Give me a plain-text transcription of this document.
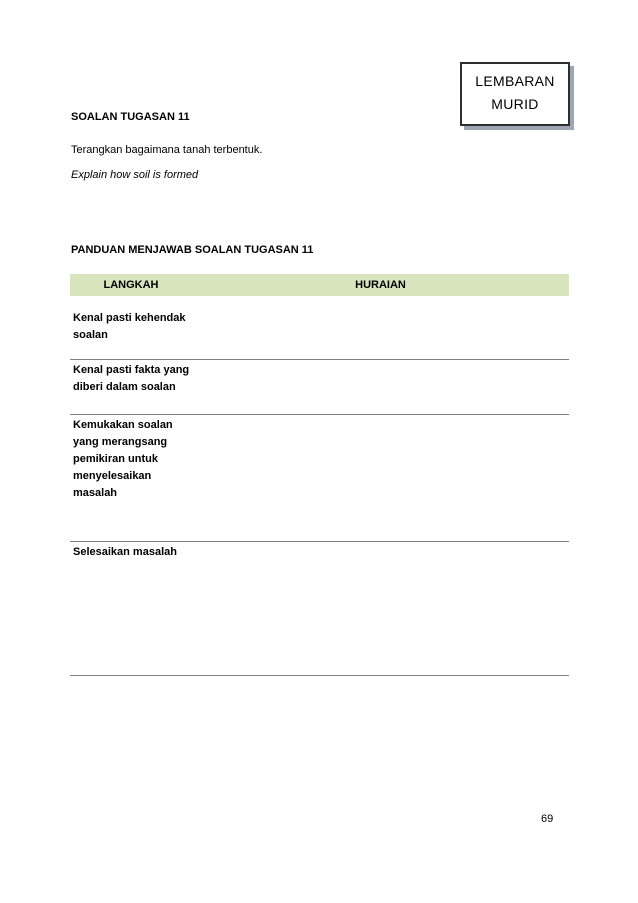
LEMBARAN
MURID
SOALAN TUGASAN 11
Terangkan bagaimana tanah terbentuk.
Explain how soil is formed
PANDUAN MENJAWAB SOALAN TUGASAN 11
LANGKAH	HURAIAN
Kenal pasti kehendak soalan
Kenal pasti fakta yang diberi dalam soalan
Kemukakan soalan yang merangsang pemikiran untuk menyelesaikan masalah
Selesaikan masalah
69
